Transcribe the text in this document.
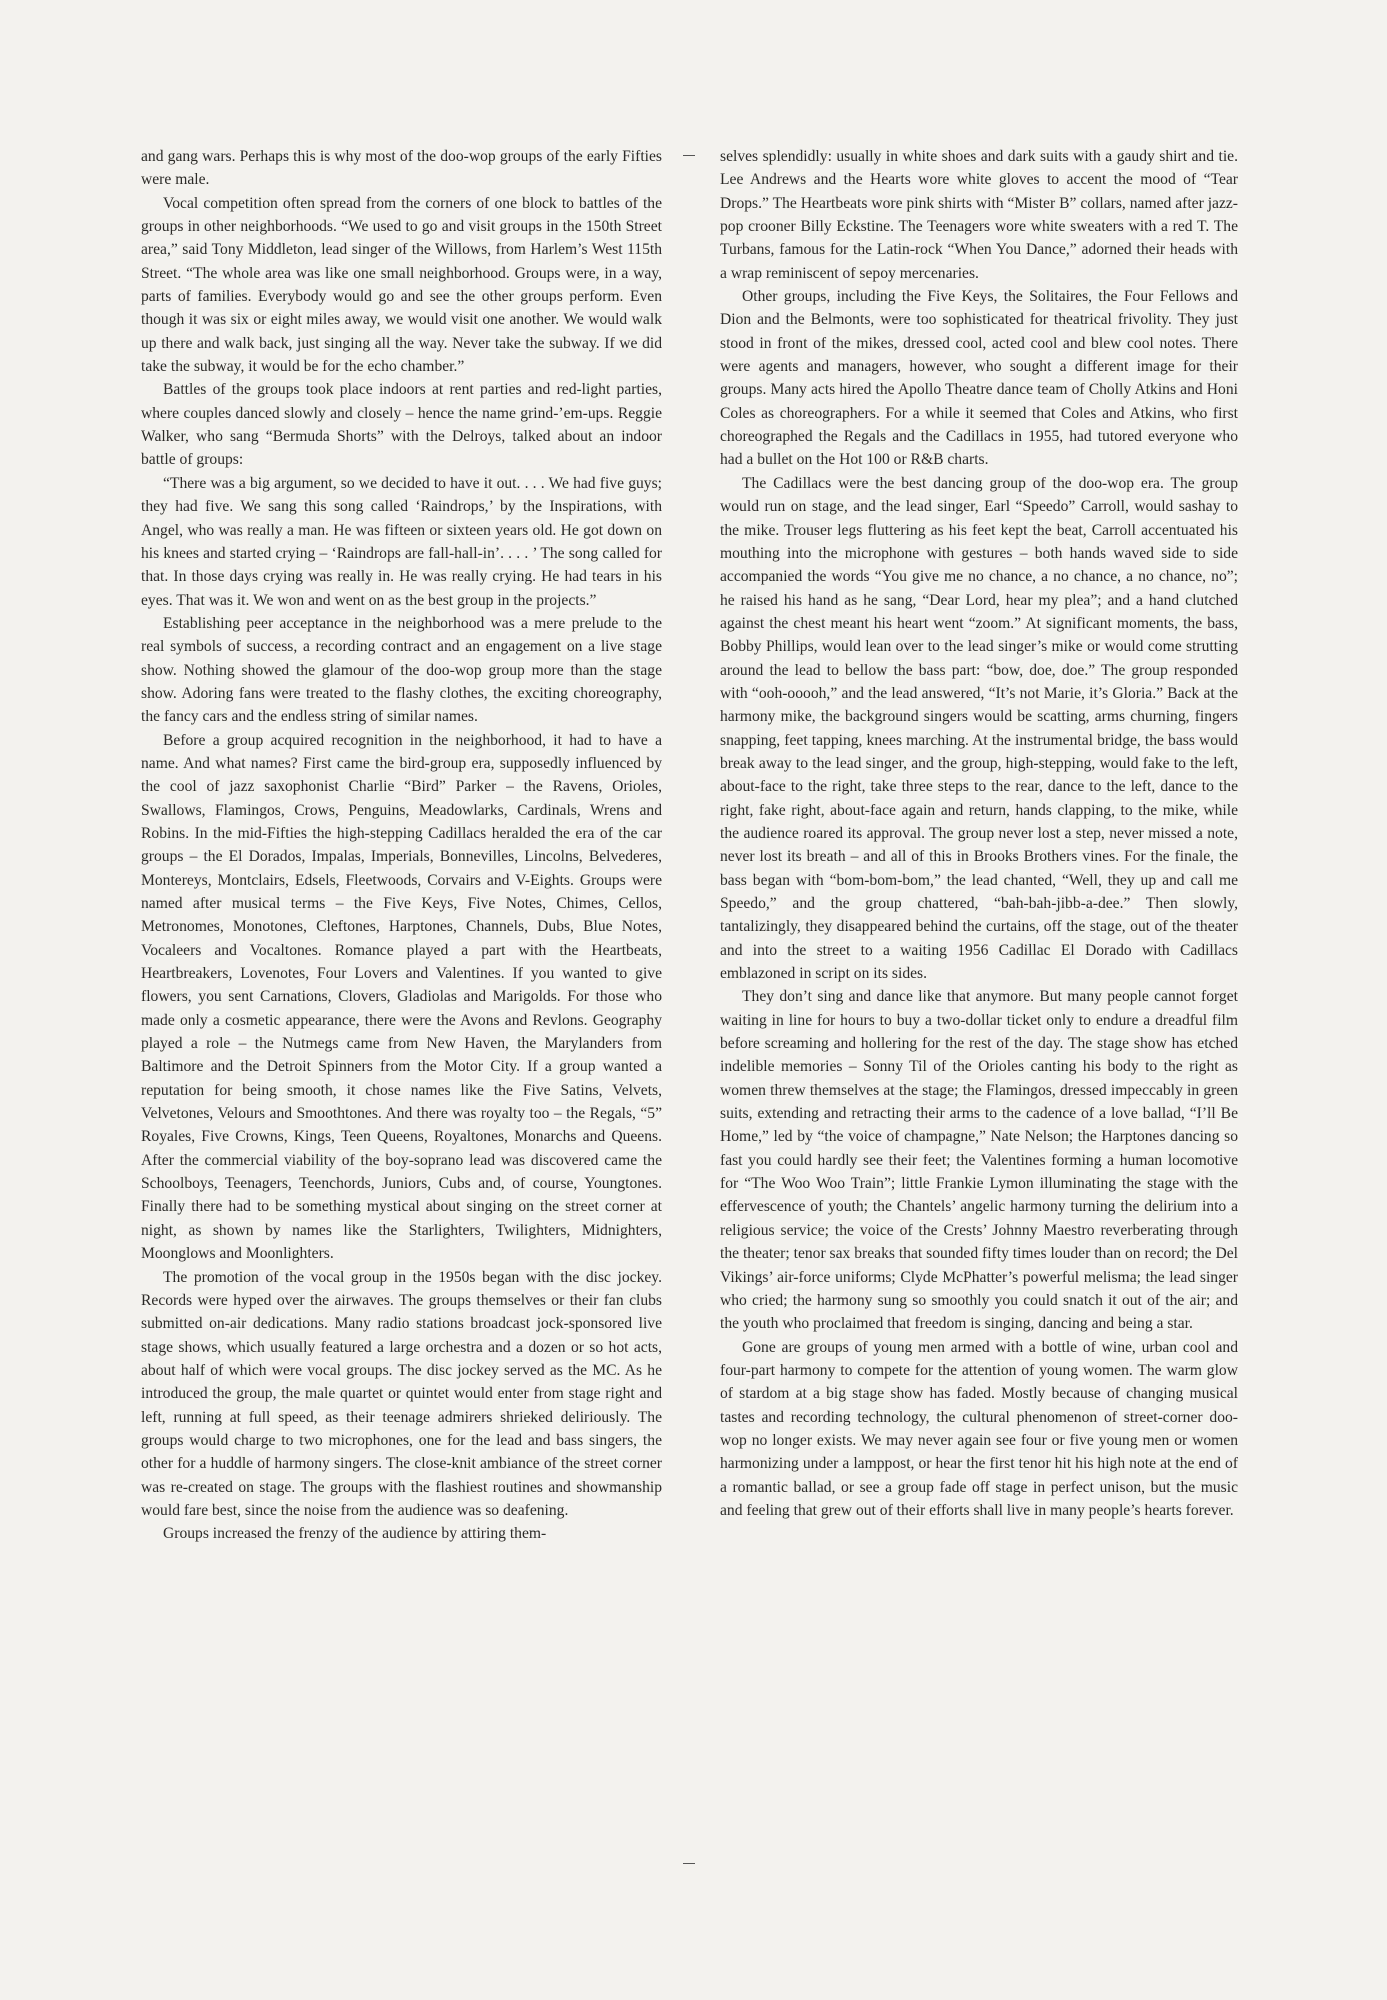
and gang wars. Perhaps this is why most of the doo-wop groups of the early Fifties were male.

Vocal competition often spread from the corners of one block to battles of the groups in other neighborhoods. “We used to go and visit groups in the 150th Street area,” said Tony Middleton, lead singer of the Willows, from Harlem’s West 115th Street. “The whole area was like one small neighborhood. Groups were, in a way, parts of families. Everybody would go and see the other groups perform. Even though it was six or eight miles away, we would visit one another. We would walk up there and walk back, just singing all the way. Never take the subway. If we did take the subway, it would be for the echo chamber.”

Battles of the groups took place indoors at rent parties and red-light parties, where couples danced slowly and closely – hence the name grind-’em-ups. Reggie Walker, who sang “Bermuda Shorts” with the Delroys, talked about an indoor battle of groups:

“There was a big argument, so we decided to have it out. . . . We had five guys; they had five. We sang this song called ‘Raindrops,’ by the Inspirations, with Angel, who was really a man. He was fifteen or sixteen years old. He got down on his knees and started crying – ‘Raindrops are fall-hall-in’. . . . ’ The song called for that. In those days crying was really in. He was really crying. He had tears in his eyes. That was it. We won and went on as the best group in the projects.”

Establishing peer acceptance in the neighborhood was a mere prelude to the real symbols of success, a recording contract and an engagement on a live stage show. Nothing showed the glamour of the doo-wop group more than the stage show. Adoring fans were treated to the flashy clothes, the exciting choreography, the fancy cars and the endless string of similar names.

Before a group acquired recognition in the neighborhood, it had to have a name. And what names? First came the bird-group era, supposedly influenced by the cool of jazz saxophonist Charlie “Bird” Parker – the Ravens, Orioles, Swallows, Flamingos, Crows, Penguins, Meadowlarks, Cardinals, Wrens and Robins. In the mid-Fifties the high-stepping Cadillacs heralded the era of the car groups – the El Dorados, Impalas, Imperials, Bonnevilles, Lincolns, Belvederes, Montereys, Montclairs, Edsels, Fleetwoods, Corvairs and V-Eights. Groups were named after musical terms – the Five Keys, Five Notes, Chimes, Cellos, Metronomes, Monotones, Cleftones, Harptones, Channels, Dubs, Blue Notes, Vocaleers and Vocaltones. Romance played a part with the Heartbeats, Heartbreakers, Lovenotes, Four Lovers and Valentines. If you wanted to give flowers, you sent Carnations, Clovers, Gladiolas and Marigolds. For those who made only a cosmetic appearance, there were the Avons and Revlons. Geography played a role – the Nutmegs came from New Haven, the Marylanders from Baltimore and the Detroit Spinners from the Motor City. If a group wanted a reputation for being smooth, it chose names like the Five Satins, Velvets, Velvetones, Velours and Smoothtones. And there was royalty too – the Regals, “5” Royales, Five Crowns, Kings, Teen Queens, Royaltones, Monarchs and Queens. After the commercial viability of the boy-soprano lead was discovered came the Schoolboys, Teenagers, Teenchords, Juniors, Cubs and, of course, Youngtones. Finally there had to be something mystical about singing on the street corner at night, as shown by names like the Starlighters, Twilighters, Midnighters, Moonglows and Moonlighters.

The promotion of the vocal group in the 1950s began with the disc jockey. Records were hyped over the airwaves. The groups themselves or their fan clubs submitted on-air dedications. Many radio stations broadcast jock-sponsored live stage shows, which usually featured a large orchestra and a dozen or so hot acts, about half of which were vocal groups. The disc jockey served as the MC. As he introduced the group, the male quartet or quintet would enter from stage right and left, running at full speed, as their teenage admirers shrieked deliriously. The groups would charge to two microphones, one for the lead and bass singers, the other for a huddle of harmony singers. The close-knit ambiance of the street corner was re-created on stage. The groups with the flashiest routines and showmanship would fare best, since the noise from the audience was so deafening.

Groups increased the frenzy of the audience by attiring them-

selves splendidly: usually in white shoes and dark suits with a gaudy shirt and tie. Lee Andrews and the Hearts wore white gloves to accent the mood of “Tear Drops.” The Heartbeats wore pink shirts with “Mister B” collars, named after jazz-pop crooner Billy Eckstine. The Teenagers wore white sweaters with a red T. The Turbans, famous for the Latin-rock “When You Dance,” adorned their heads with a wrap reminiscent of sepoy mercenaries.

Other groups, including the Five Keys, the Solitaires, the Four Fellows and Dion and the Belmonts, were too sophisticated for theatrical frivolity. They just stood in front of the mikes, dressed cool, acted cool and blew cool notes. There were agents and managers, however, who sought a different image for their groups. Many acts hired the Apollo Theatre dance team of Cholly Atkins and Honi Coles as choreographers. For a while it seemed that Coles and Atkins, who first choreographed the Regals and the Cadillacs in 1955, had tutored everyone who had a bullet on the Hot 100 or R&B charts.

The Cadillacs were the best dancing group of the doo-wop era. The group would run on stage, and the lead singer, Earl “Speedo” Carroll, would sashay to the mike. Trouser legs fluttering as his feet kept the beat, Carroll accentuated his mouthing into the microphone with gestures – both hands waved side to side accompanied the words “You give me no chance, a no chance, a no chance, no”; he raised his hand as he sang, “Dear Lord, hear my plea”; and a hand clutched against the chest meant his heart went “zoom.” At significant moments, the bass, Bobby Phillips, would lean over to the lead singer’s mike or would come strutting around the lead to bellow the bass part: “bow, doe, doe.” The group responded with “ooh-ooooh,” and the lead answered, “It’s not Marie, it’s Gloria.” Back at the harmony mike, the background singers would be scatting, arms churning, fingers snapping, feet tapping, knees marching. At the instrumental bridge, the bass would break away to the lead singer, and the group, high-stepping, would fake to the left, about-face to the right, take three steps to the rear, dance to the left, dance to the right, fake right, about-face again and return, hands clapping, to the mike, while the audience roared its approval. The group never lost a step, never missed a note, never lost its breath – and all of this in Brooks Brothers vines. For the finale, the bass began with “bom-bom-bom,” the lead chanted, “Well, they up and call me Speedo,” and the group chattered, “bah-bah-jibb-a-dee.” Then slowly, tantalizingly, they disappeared behind the curtains, off the stage, out of the theater and into the street to a waiting 1956 Cadillac El Dorado with Cadillacs emblazoned in script on its sides.

They don’t sing and dance like that anymore. But many people cannot forget waiting in line for hours to buy a two-dollar ticket only to endure a dreadful film before screaming and hollering for the rest of the day. The stage show has etched indelible memories – Sonny Til of the Orioles canting his body to the right as women threw themselves at the stage; the Flamingos, dressed impeccably in green suits, extending and retracting their arms to the cadence of a love ballad, “I’ll Be Home,” led by “the voice of champagne,” Nate Nelson; the Harptones dancing so fast you could hardly see their feet; the Valentines forming a human locomotive for “The Woo Woo Train”; little Frankie Lymon illuminating the stage with the effervescence of youth; the Chantels’ angelic harmony turning the delirium into a religious service; the voice of the Crests’ Johnny Maestro reverberating through the theater; tenor sax breaks that sounded fifty times louder than on record; the Del Vikings’ air-force uniforms; Clyde McPhatter’s powerful melisma; the lead singer who cried; the harmony sung so smoothly you could snatch it out of the air; and the youth who proclaimed that freedom is singing, dancing and being a star.

Gone are groups of young men armed with a bottle of wine, urban cool and four-part harmony to compete for the attention of young women. The warm glow of stardom at a big stage show has faded. Mostly because of changing musical tastes and recording technology, the cultural phenomenon of street-corner doo-wop no longer exists. We may never again see four or five young men or women harmonizing under a lamppost, or hear the first tenor hit his high note at the end of a romantic ballad, or see a group fade off stage in perfect unison, but the music and feeling that grew out of their efforts shall live in many people’s hearts forever.
